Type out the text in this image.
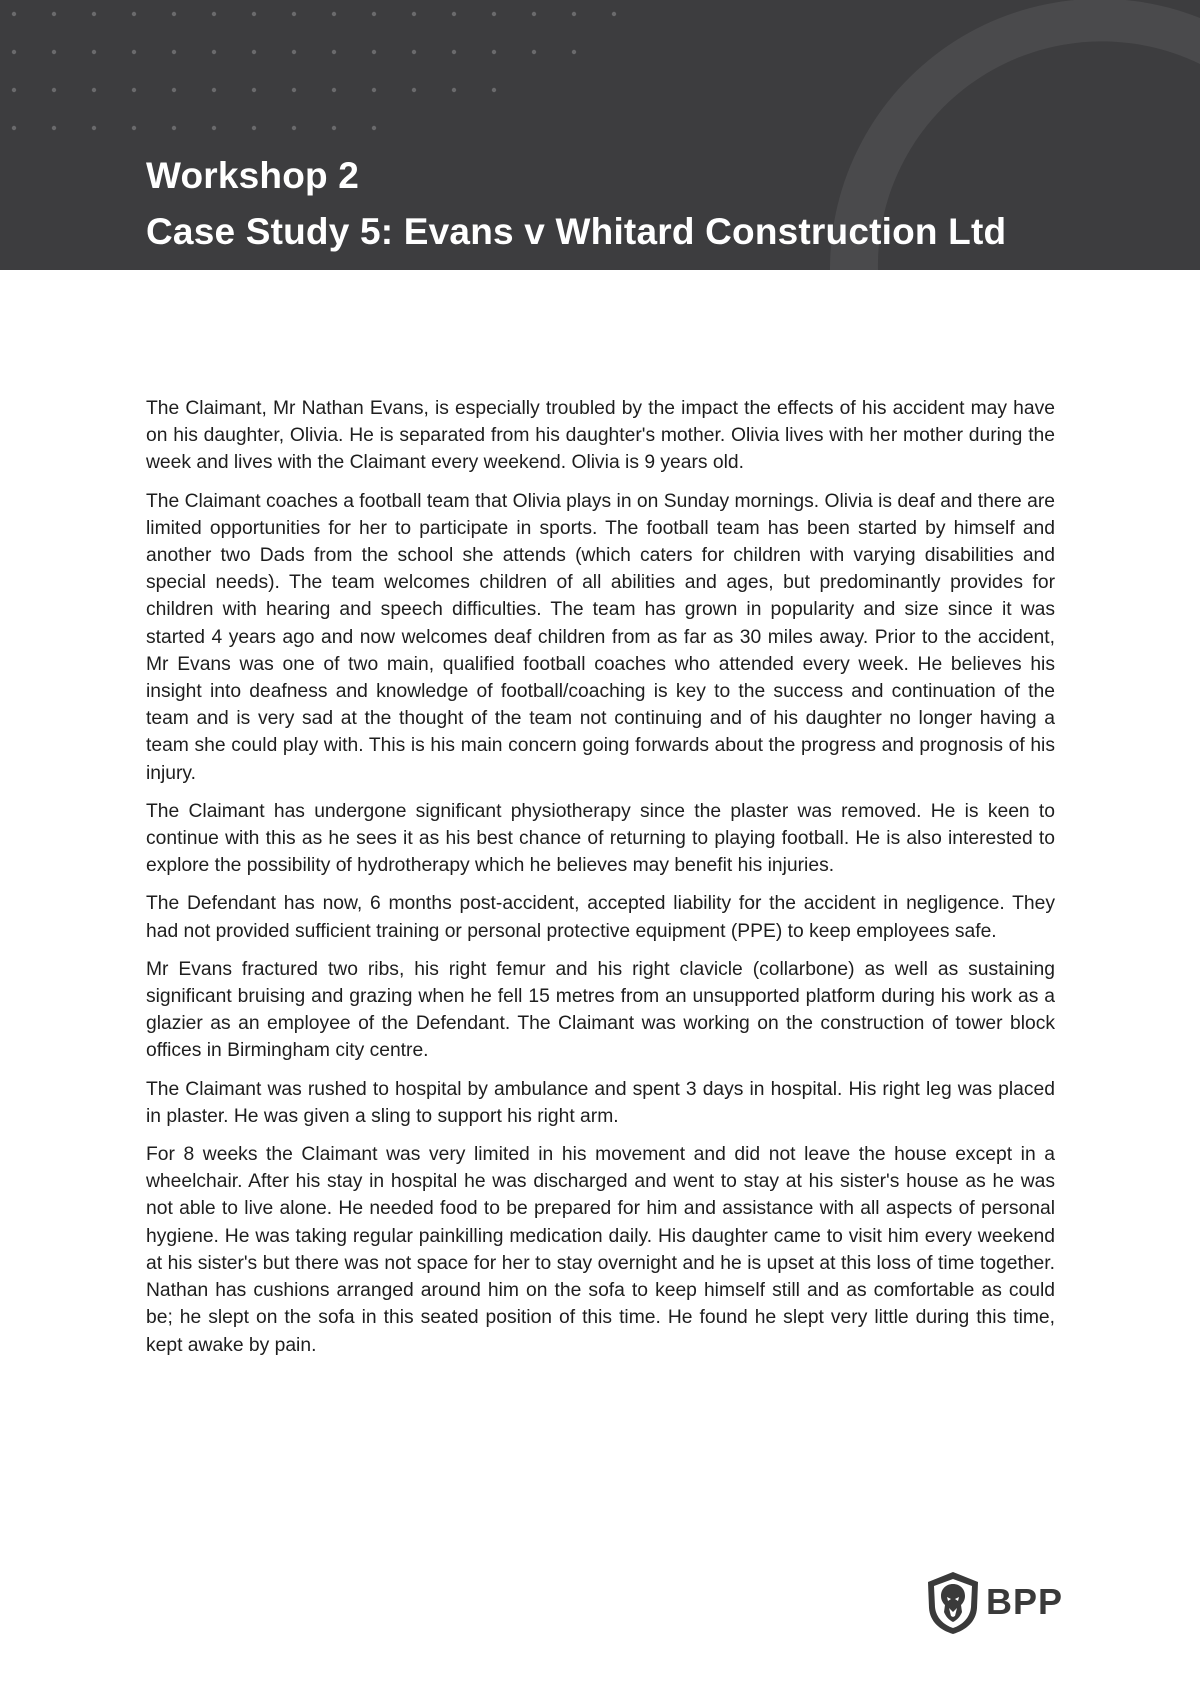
Workshop 2
Case Study 5: Evans v Whitard Construction Ltd

The Claimant, Mr Nathan Evans, is especially troubled by the impact the effects of his accident may have on his daughter, Olivia. He is separated from his daughter's mother. Olivia lives with her mother during the week and lives with the Claimant every weekend. Olivia is 9 years old.

The Claimant coaches a football team that Olivia plays in on Sunday mornings. Olivia is deaf and there are limited opportunities for her to participate in sports. The football team has been started by himself and another two Dads from the school she attends (which caters for children with varying disabilities and special needs). The team welcomes children of all abilities and ages, but predominantly provides for children with hearing and speech difficulties. The team has grown in popularity and size since it was started 4 years ago and now welcomes deaf children from as far as 30 miles away. Prior to the accident, Mr Evans was one of two main, qualified football coaches who attended every week. He believes his insight into deafness and knowledge of football/coaching is key to the success and continuation of the team and is very sad at the thought of the team not continuing and of his daughter no longer having a team she could play with. This is his main concern going forwards about the progress and prognosis of his injury.

The Claimant has undergone significant physiotherapy since the plaster was removed. He is keen to continue with this as he sees it as his best chance of returning to playing football. He is also interested to explore the possibility of hydrotherapy which he believes may benefit his injuries.

The Defendant has now, 6 months post-accident, accepted liability for the accident in negligence. They had not provided sufficient training or personal protective equipment (PPE) to keep employees safe.

Mr Evans fractured two ribs, his right femur and his right clavicle (collarbone) as well as sustaining significant bruising and grazing when he fell 15 metres from an unsupported platform during his work as a glazier as an employee of the Defendant. The Claimant was working on the construction of tower block offices in Birmingham city centre.

The Claimant was rushed to hospital by ambulance and spent 3 days in hospital. His right leg was placed in plaster. He was given a sling to support his right arm.

For 8 weeks the Claimant was very limited in his movement and did not leave the house except in a wheelchair. After his stay in hospital he was discharged and went to stay at his sister's house as he was not able to live alone. He needed food to be prepared for him and assistance with all aspects of personal hygiene. He was taking regular painkilling medication daily. His daughter came to visit him every weekend at his sister's but there was not space for her to stay overnight and he is upset at this loss of time together. Nathan has cushions arranged around him on the sofa to keep himself still and as comfortable as could be; he slept on the sofa in this seated position of this time. He found he slept very little during this time, kept awake by pain.

BPP
